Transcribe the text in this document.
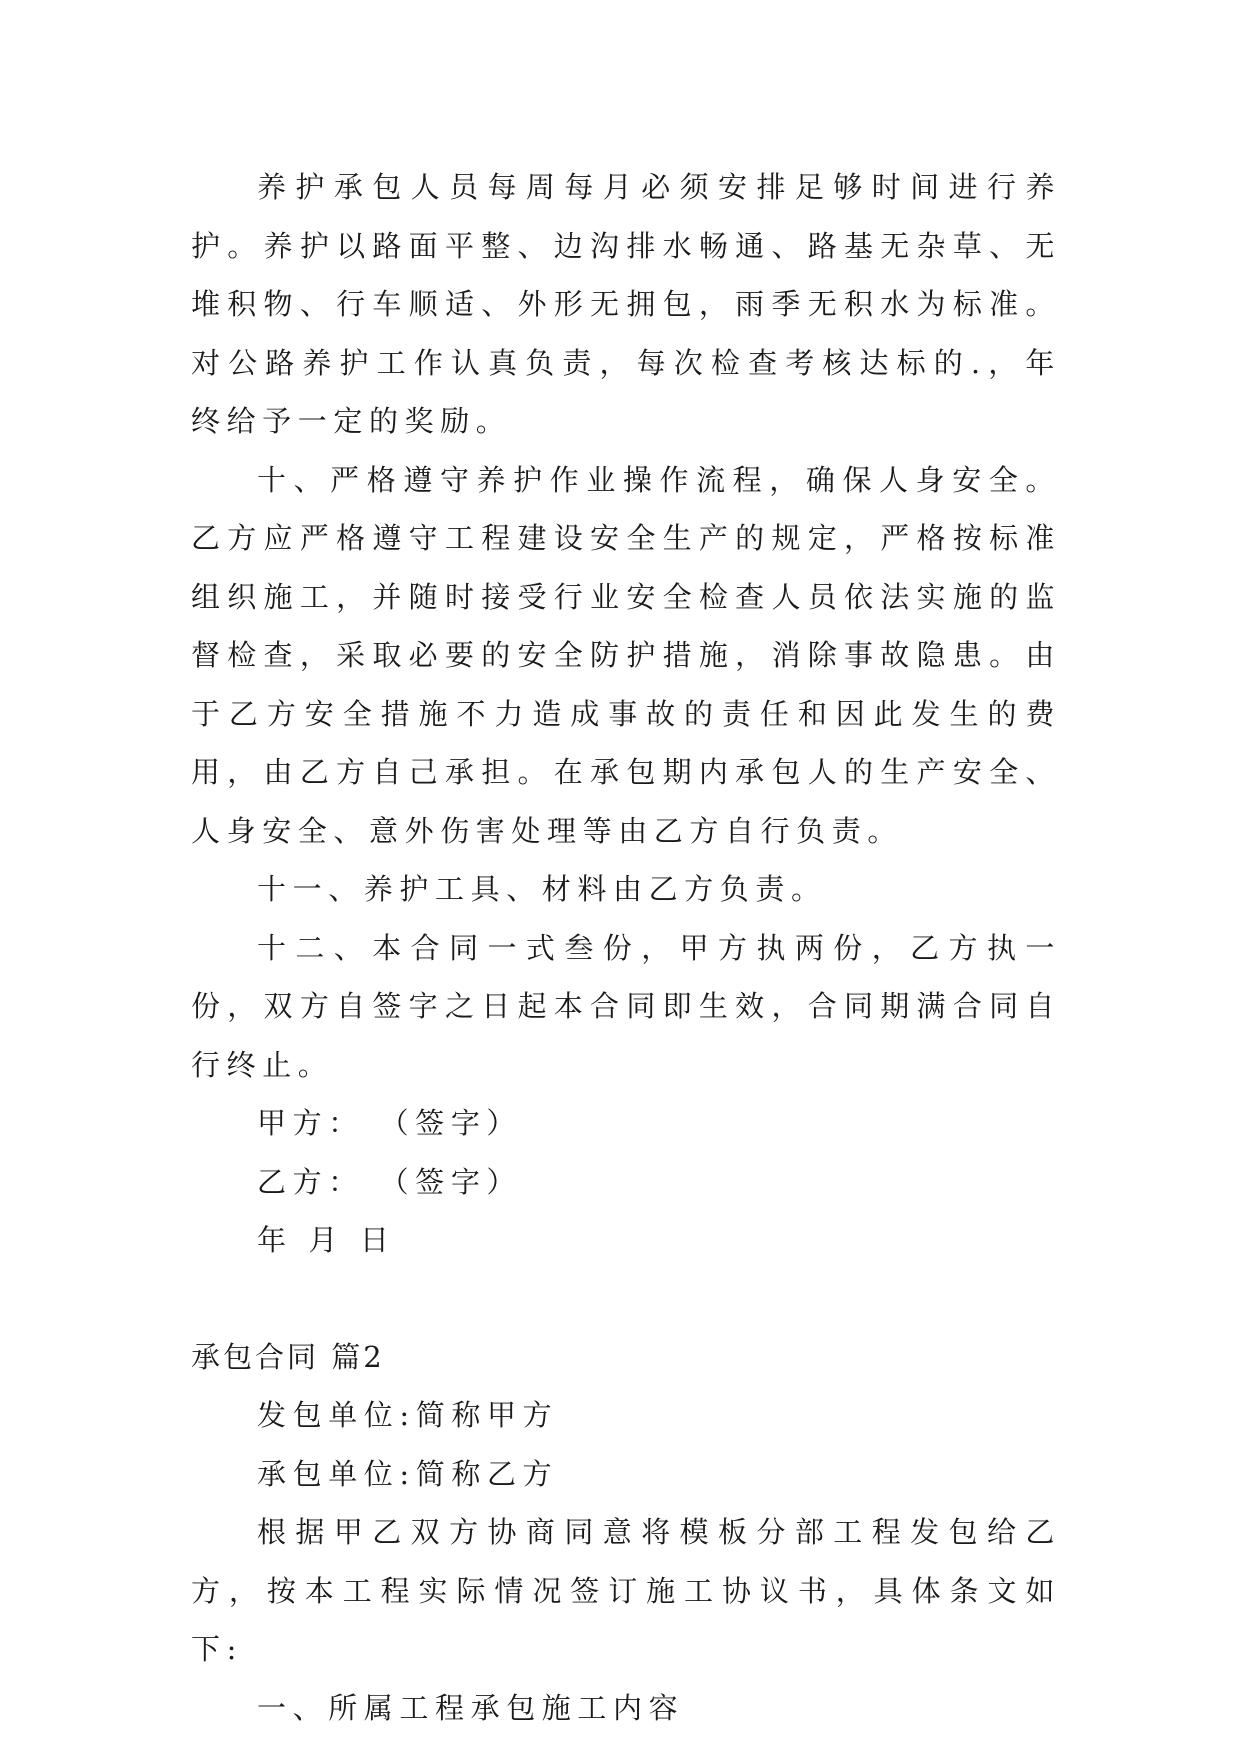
养护承包人员每周每月必须安排足够时间进行养护。养护以路面平整、边沟排水畅通、路基无杂草、无堆积物、行车顺适、外形无拥包，雨季无积水为标准。对公路养护工作认真负责，每次检查考核达标的.，年终给予一定的奖励。

十、严格遵守养护作业操作流程，确保人身安全。 乙方应严格遵守工程建设安全生产的规定，严格按标准组织施工，并随时接受行业安全检查人员依法实施的监督检查，采取必要的安全防护措施，消除事故隐患。由于乙方安全措施不力造成事故的责任和因此发生的费用，由乙方自己承担。在承包期内承包人的生产安全、人身安全、意外伤害处理等由乙方自行负责。

十一、养护工具、材料由乙方负责。

十二、本合同一式叁份，甲方执两份，乙方执一份，双方自签字之日起本合同即生效，合同期满合同自行终止。

甲方： （签字）

乙方： （签字）

年 月 日

承包合同 篇2

发包单位:简称甲方

承包单位:简称乙方

根据甲乙双方协商同意将模板分部工程发包给乙方，按本工程实际情况签订施工协议书，具体条文如下:

一、所属工程承包施工内容
